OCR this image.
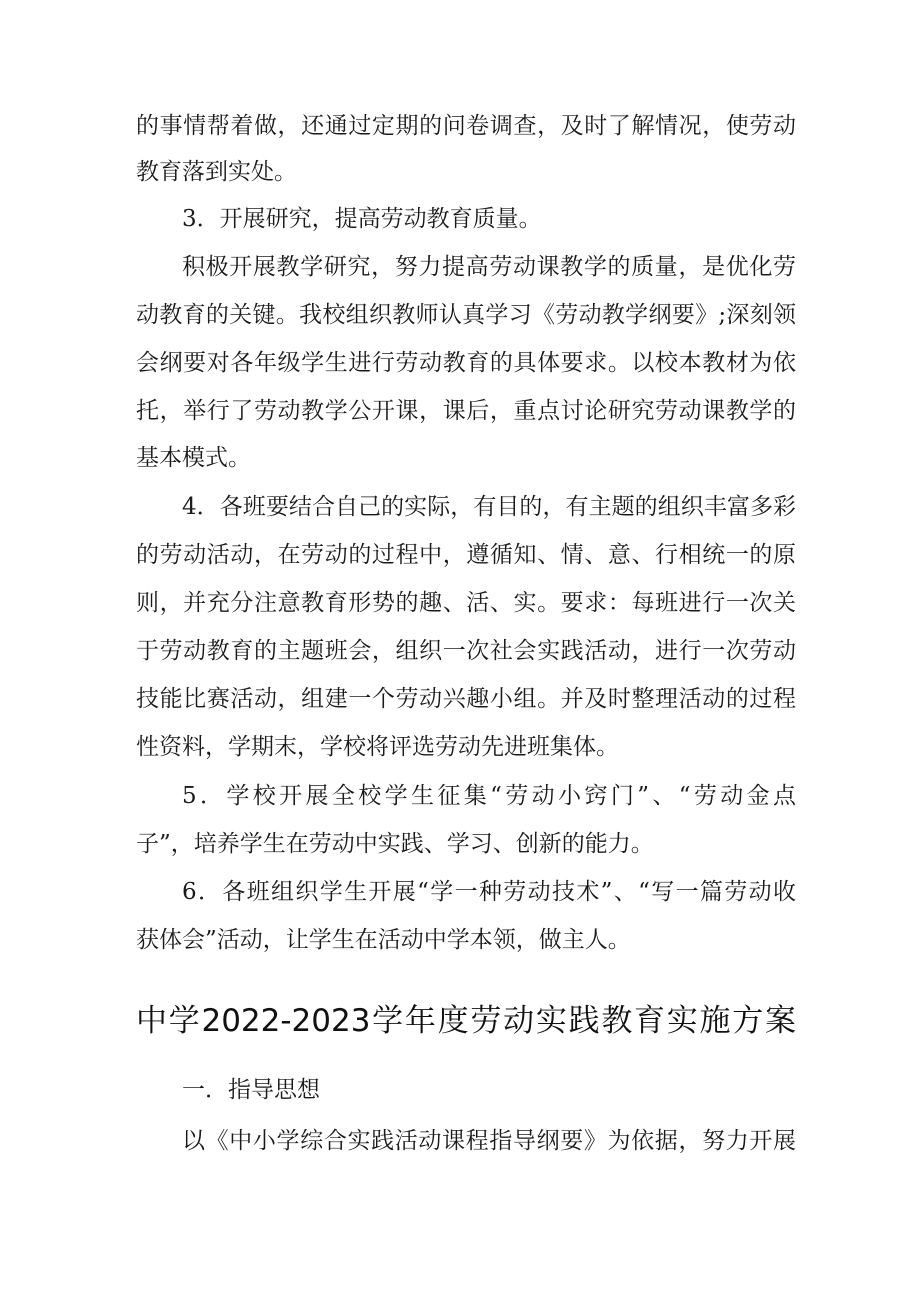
的事情帮着做，还通过定期的问卷调查，及时了解情况，使劳动
教育落到实处。
3．开展研究，提高劳动教育质量。
积极开展教学研究，努力提高劳动课教学的质量，是优化劳
动教育的关键。我校组织教师认真学习《劳动教学纲要》;深刻领
会纲要对各年级学生进行劳动教育的具体要求。以校本教材为依
托，举行了劳动教学公开课，课后，重点讨论研究劳动课教学的
基本模式。
4．各班要结合自己的实际，有目的，有主题的组织丰富多彩
的劳动活动，在劳动的过程中，遵循知、情、意、行相统一的原
则，并充分注意教育形势的趣、活、实。要求：每班进行一次关
于劳动教育的主题班会，组织一次社会实践活动，进行一次劳动
技能比赛活动，组建一个劳动兴趣小组。并及时整理活动的过程
性资料，学期末，学校将评选劳动先进班集体。
5．学校开展全校学生征集“劳动小窍门”、“劳动金点
子”，培养学生在劳动中实践、学习、创新的能力。
6．各班组织学生开展“学一种劳动技术”、“写一篇劳动收
获体会”活动，让学生在活动中学本领，做主人。
中学2022-2023学年度劳动实践教育实施方案
一．指导思想
以《中小学综合实践活动课程指导纲要》为依据，努力开展
